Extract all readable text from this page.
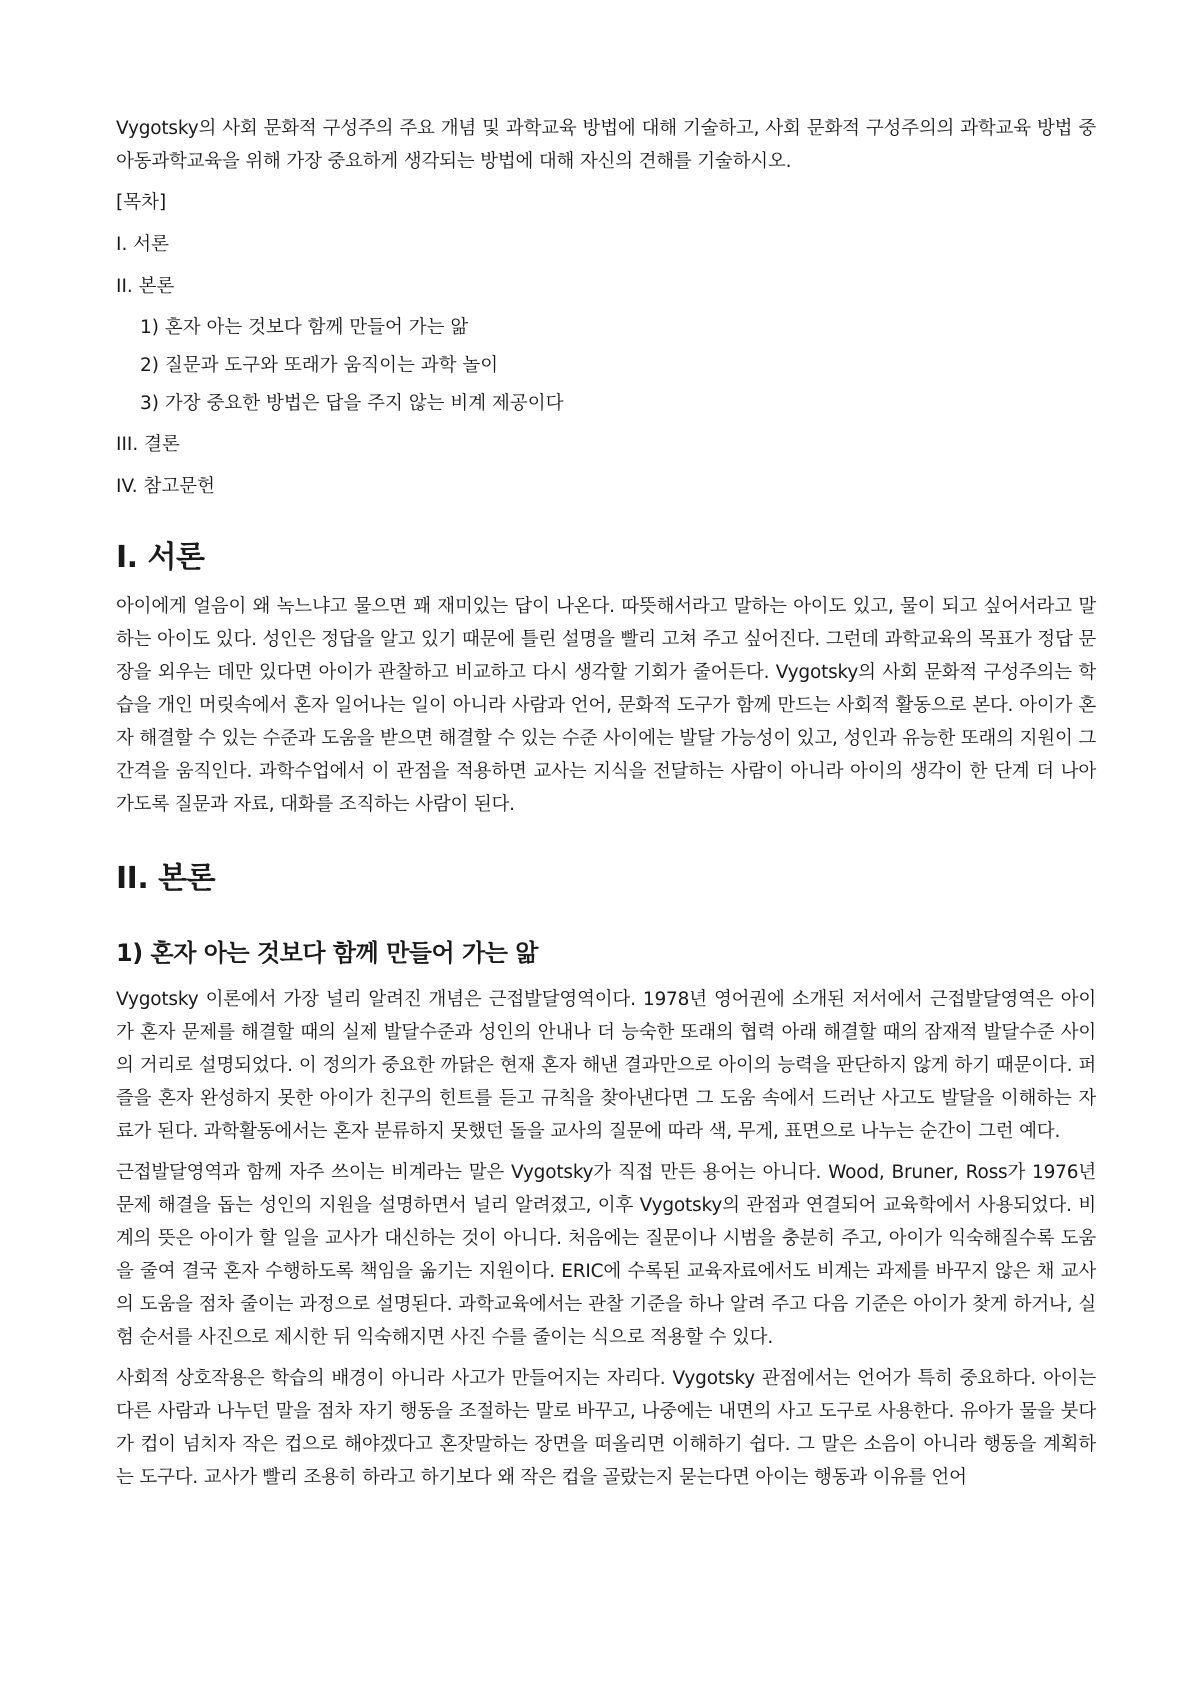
Vygotsky의 사회 문화적 구성주의 주요 개념 및 과학교육 방법에 대해 기술하고, 사회 문화적 구성주의의 과학교육 방법 중 아동과학교육을 위해 가장 중요하게 생각되는 방법에 대해 자신의 견해를 기술하시오.

[목차]

I. 서론

II. 본론

1) 혼자 아는 것보다 함께 만들어 가는 앎

2) 질문과 도구와 또래가 움직이는 과학 놀이

3) 가장 중요한 방법은 답을 주지 않는 비계 제공이다

III. 결론

IV. 참고문헌

I. 서론

아이에게 얼음이 왜 녹느냐고 물으면 꽤 재미있는 답이 나온다. 따뜻해서라고 말하는 아이도 있고, 물이 되고 싶어서라고 말하는 아이도 있다. 성인은 정답을 알고 있기 때문에 틀린 설명을 빨리 고쳐 주고 싶어진다. 그런데 과학교육의 목표가 정답 문장을 외우는 데만 있다면 아이가 관찰하고 비교하고 다시 생각할 기회가 줄어든다. Vygotsky의 사회 문화적 구성주의는 학습을 개인 머릿속에서 혼자 일어나는 일이 아니라 사람과 언어, 문화적 도구가 함께 만드는 사회적 활동으로 본다. 아이가 혼자 해결할 수 있는 수준과 도움을 받으면 해결할 수 있는 수준 사이에는 발달 가능성이 있고, 성인과 유능한 또래의 지원이 그 간격을 움직인다. 과학수업에서 이 관점을 적용하면 교사는 지식을 전달하는 사람이 아니라 아이의 생각이 한 단계 더 나아가도록 질문과 자료, 대화를 조직하는 사람이 된다.

II. 본론
1) 혼자 아는 것보다 함께 만들어 가는 앎

Vygotsky 이론에서 가장 널리 알려진 개념은 근접발달영역이다. 1978년 영어권에 소개된 저서에서 근접발달영역은 아이가 혼자 문제를 해결할 때의 실제 발달수준과 성인의 안내나 더 능숙한 또래의 협력 아래 해결할 때의 잠재적 발달수준 사이의 거리로 설명되었다. 이 정의가 중요한 까닭은 현재 혼자 해낸 결과만으로 아이의 능력을 판단하지 않게 하기 때문이다. 퍼즐을 혼자 완성하지 못한 아이가 친구의 힌트를 듣고 규칙을 찾아낸다면 그 도움 속에서 드러난 사고도 발달을 이해하는 자료가 된다. 과학활동에서는 혼자 분류하지 못했던 돌을 교사의 질문에 따라 색, 무게, 표면으로 나누는 순간이 그런 예다.

근접발달영역과 함께 자주 쓰이는 비계라는 말은 Vygotsky가 직접 만든 용어는 아니다. Wood, Bruner, Ross가 1976년 문제 해결을 돕는 성인의 지원을 설명하면서 널리 알려졌고, 이후 Vygotsky의 관점과 연결되어 교육학에서 사용되었다. 비계의 뜻은 아이가 할 일을 교사가 대신하는 것이 아니다. 처음에는 질문이나 시범을 충분히 주고, 아이가 익숙해질수록 도움을 줄여 결국 혼자 수행하도록 책임을 옮기는 지원이다. ERIC에 수록된 교육자료에서도 비계는 과제를 바꾸지 않은 채 교사의 도움을 점차 줄이는 과정으로 설명된다. 과학교육에서는 관찰 기준을 하나 알려 주고 다음 기준은 아이가 찾게 하거나, 실험 순서를 사진으로 제시한 뒤 익숙해지면 사진 수를 줄이는 식으로 적용할 수 있다.

사회적 상호작용은 학습의 배경이 아니라 사고가 만들어지는 자리다. Vygotsky 관점에서는 언어가 특히 중요하다. 아이는 다른 사람과 나누던 말을 점차 자기 행동을 조절하는 말로 바꾸고, 나중에는 내면의 사고 도구로 사용한다. 유아가 물을 붓다가 컵이 넘치자 작은 컵으로 해야겠다고 혼잣말하는 장면을 떠올리면 이해하기 쉽다. 그 말은 소음이 아니라 행동을 계획하는 도구다. 교사가 빨리 조용히 하라고 하기보다 왜 작은 컵을 골랐는지 묻는다면 아이는 행동과 이유를 언어
